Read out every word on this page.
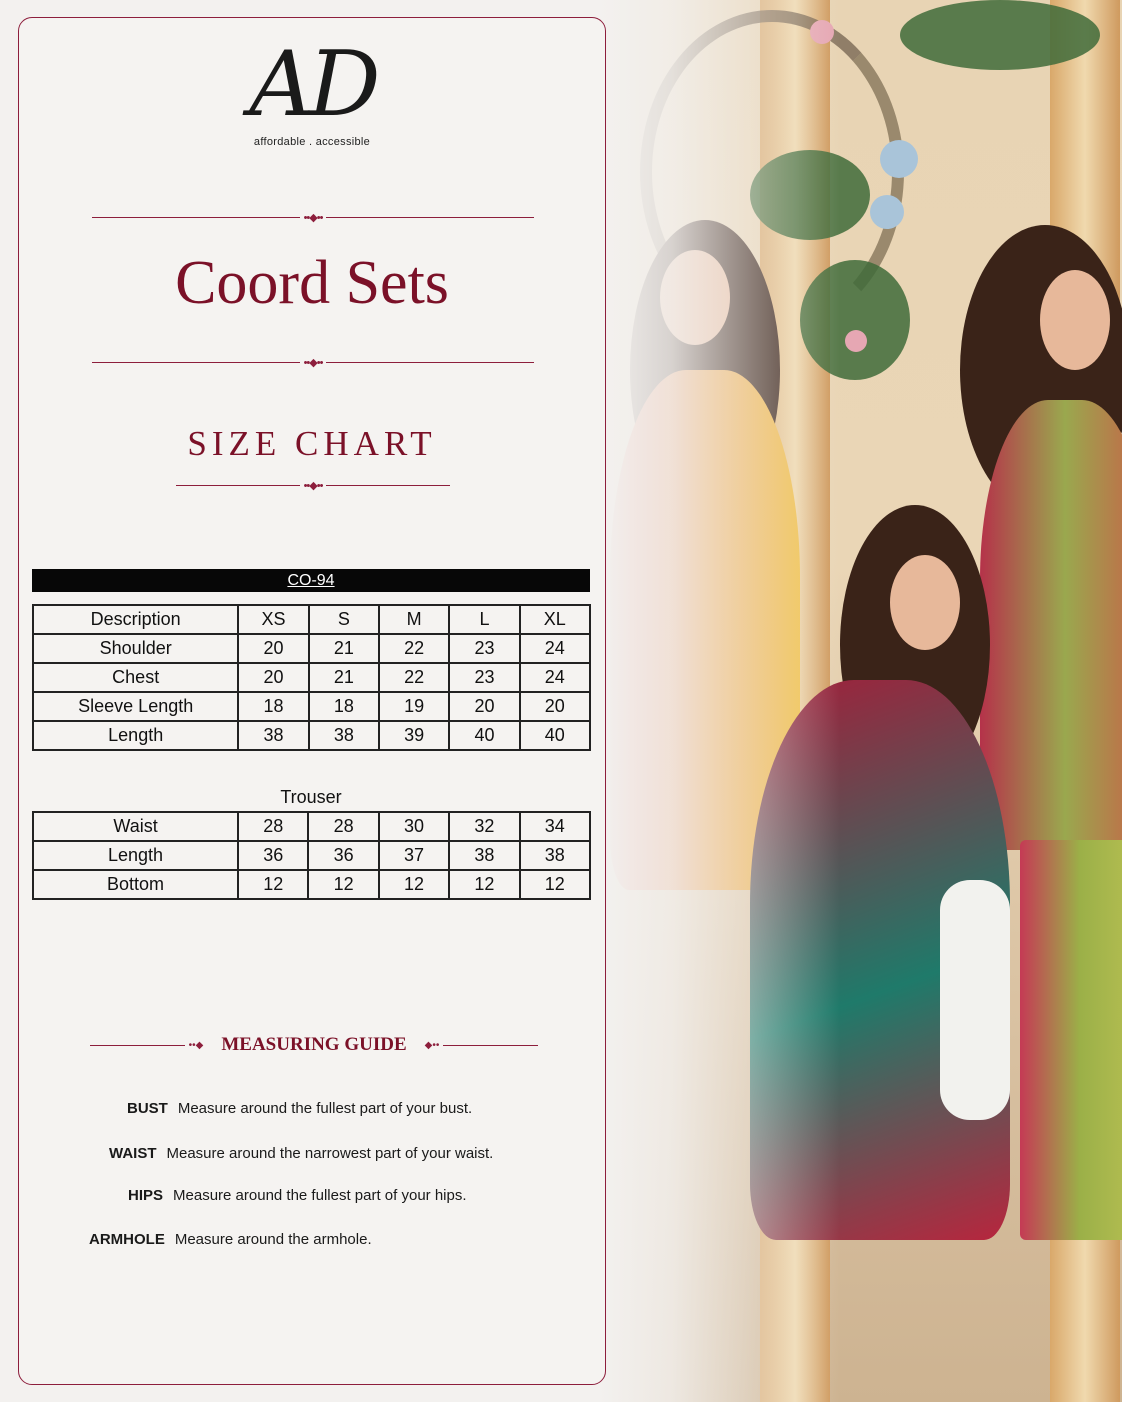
AD
affordable . accessible
••◆••
Coord Sets
••◆••
SIZE CHART
••◆••
CO-94
Description	XS	S	M	L	XL
Shoulder	20	21	22	23	24
Chest	20	21	22	23	24
Sleeve Length	18	18	19	20	20
Length	38	38	39	40	40
Trouser
Waist	28	28	30	32	34
Length	36	36	37	38	38
Bottom	12	12	12	12	12
••◆ MEASURING GUIDE	◆••
BUST Measure around the fullest part of your bust.
WAIST Measure around the narrowest part of your waist.
HIPS Measure around the fullest part of your hips.
ARMHOLE Measure around the armhole.
